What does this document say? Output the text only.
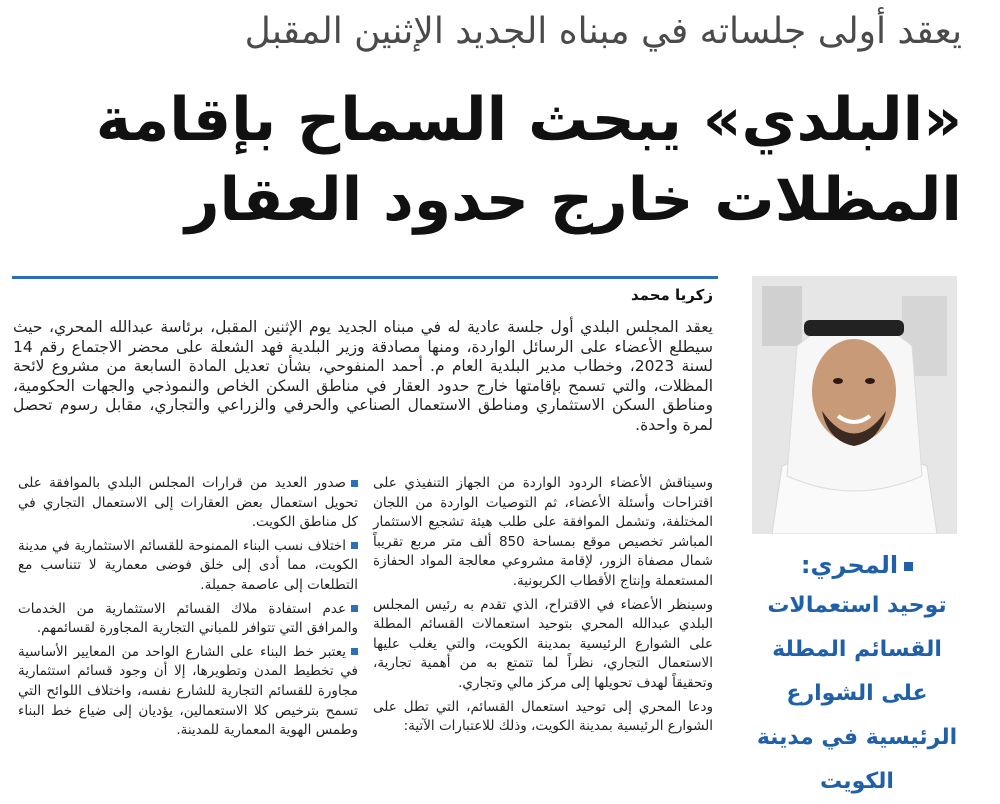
يعقد أولى جلساته في مبناه الجديد الإثنين المقبل
«البلدي» يبحث السماح بإقامة
المظلات خارج حدود العقار
زكريا محمد

يعقد المجلس البلدي أول جلسة عادية له في مبناه الجديد يوم الإثنين المقبل، برئاسة عبدالله المحري، حيث سيطلع الأعضاء على الرسائل الواردة، ومنها مصادقة وزير البلدية فهد الشعلة على محضر الاجتماع رقم 14 لسنة 2023، وخطاب مدير البلدية العام م. أحمد المنفوحي، بشأن تعديل المادة السابعة من مشروع لائحة المظلات، والتي تسمح بإقامتها خارج حدود العقار في مناطق السكن الخاص والنموذجي والجهات الحكومية، ومناطق السكن الاستثماري ومناطق الاستعمال الصناعي والحرفي والزراعي والتجاري، مقابل رسوم تحصل لمرة واحدة.

وسيناقش الأعضاء الردود الواردة من الجهاز التنفيذي على اقتراحات وأسئلة الأعضاء، ثم التوصيات الواردة من اللجان المختلفة، وتشمل الموافقة على طلب هيئة تشجيع الاستثمار المباشر تخصيص موقع بمساحة 850 ألف متر مربع تقريباً شمال مصفاة الزور، لإقامة مشروعي معالجة المواد الحفازة المستعملة وإنتاج الأقطاب الكربونية.

وسينظر الأعضاء في الاقتراح، الذي تقدم به رئيس المجلس البلدي عبدالله المحري بتوحيد استعمالات القسائم المطلة على الشوارع الرئيسية بمدينة الكويت، والتي يغلب عليها الاستعمال التجاري، نظراً لما تتمتع به من أهمية تجارية، وتحقيقاً لهدف تحويلها إلى مركز مالي وتجاري.

ودعا المحري إلى توحيد استعمال القسائم، التي تطل على الشوارع الرئيسية بمدينة الكويت، وذلك للاعتبارات الآتية:

صدور العديد من قرارات المجلس البلدي بالموافقة على تحويل استعمال بعض العقارات إلى الاستعمال التجاري في كل مناطق الكويت.

اختلاف نسب البناء الممنوحة للقسائم الاستثمارية في مدينة الكويت، مما أدى إلى خلق فوضى معمارية لا تتناسب مع التطلعات إلى عاصمة جميلة.

عدم استفادة ملاك القسائم الاستثمارية من الخدمات والمرافق التي تتوافر للمباني التجارية المجاورة لقسائمهم.

يعتبر خط البناء على الشارع الواحد من المعايير الأساسية في تخطيط المدن وتطويرها، إلا أن وجود قسائم استثمارية مجاورة للقسائم التجارية للشارع نفسه، واختلاف اللوائح التي تسمح بترخيص كلا الاستعمالين، يؤديان إلى ضياع خط البناء وطمس الهوية المعمارية للمدينة.

المحري:
توحيد استعمالات القسائم المطلة على الشوارع الرئيسية في مدينة الكويت
